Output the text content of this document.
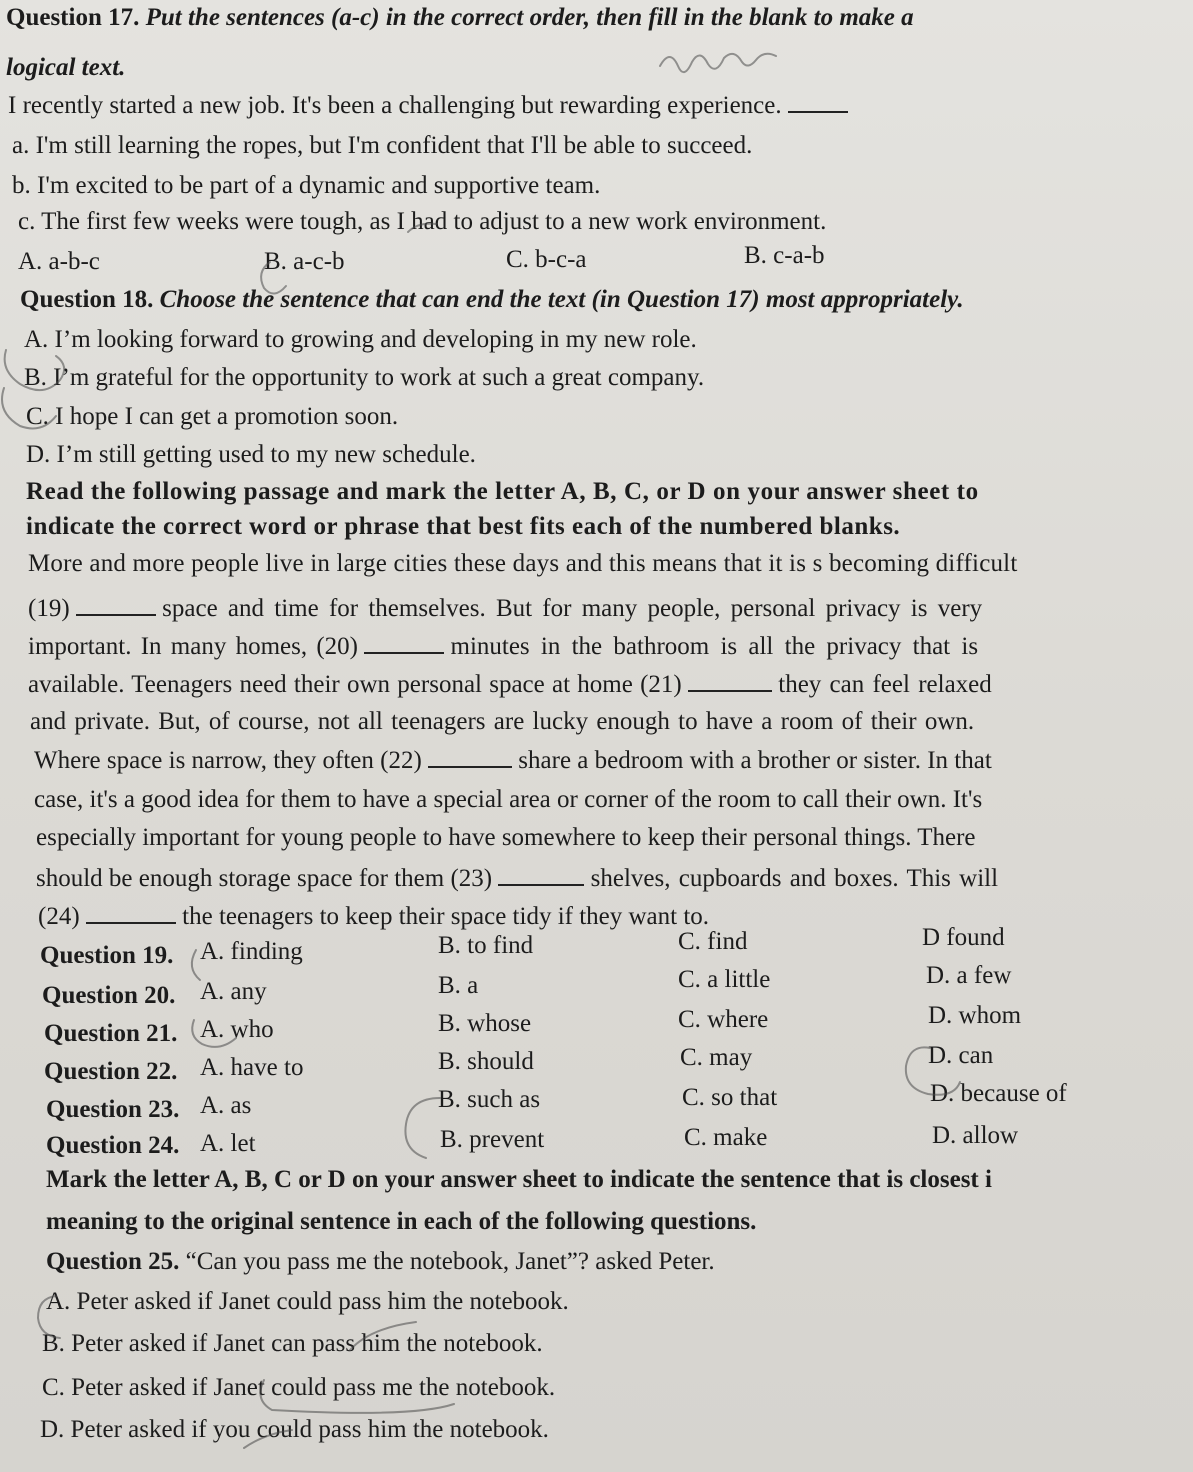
Question 17. Put the sentences (a-c) in the correct order, then fill in the blank to make a
logical text.
I recently started a new job. It's been a challenging but rewarding experience.
a. I'm still learning the ropes, but I'm confident that I'll be able to succeed.
b. I'm excited to be part of a dynamic and supportive team.
c. The first few weeks were tough, as I had to adjust to a new work environment.
A. a-b-c	B. a-c-b	C. b-c-a	B. c-a-b
Question 18. Choose the sentence that can end the text (in Question 17) most appropriately.
A. I’m looking forward to growing and developing in my new role.
B. I’m grateful for the opportunity to work at such a great company.
C. I hope I can get a promotion soon.
D. I’m still getting used to my new schedule.
Read the following passage and mark the letter A, B, C, or D on your answer sheet to
indicate the correct word or phrase that best fits each of the numbered blanks.
More and more people live in large cities these days and this means that it is s becoming difficult
(19)	space and time for themselves. But for many people, personal privacy is very
important. In many homes, (20)	minutes in the bathroom is all the privacy that is
available. Teenagers need their own personal space at home (21)	they can feel relaxed
and private. But, of course, not all teenagers are lucky enough to have a room of their own.
Where space is narrow, they often (22)	share a bedroom with a brother or sister. In that
case, it's a good idea for them to have a special area or corner of the room to call their own. It's
especially important for young people to have somewhere to keep their personal things. There
should be enough storage space for them (23)	shelves, cupboards and boxes. This will
(24)	the teenagers to keep their space tidy if they want to.
Question 19. A. finding	B. to find	C. find	D found
Question 20. A. any	B. a	C. a little	D. a few
Question 21. A. who	B. whose	C. where	D. whom
Question 22. A. have to	B. should	C. may	D. can
Question 23. A. as	B. such as	C. so that	D. because of
Question 24. A. let	B. prevent	C. make	D. allow
Mark the letter A, B, C or D on your answer sheet to indicate the sentence that is closest i
meaning to the original sentence in each of the following questions.
Question 25. “Can you pass me the notebook, Janet”? asked Peter.
A. Peter asked if Janet could pass him the notebook.
B. Peter asked if Janet can pass him the notebook.
C. Peter asked if Janet could pass me the notebook.
D. Peter asked if you could pass him the notebook.
